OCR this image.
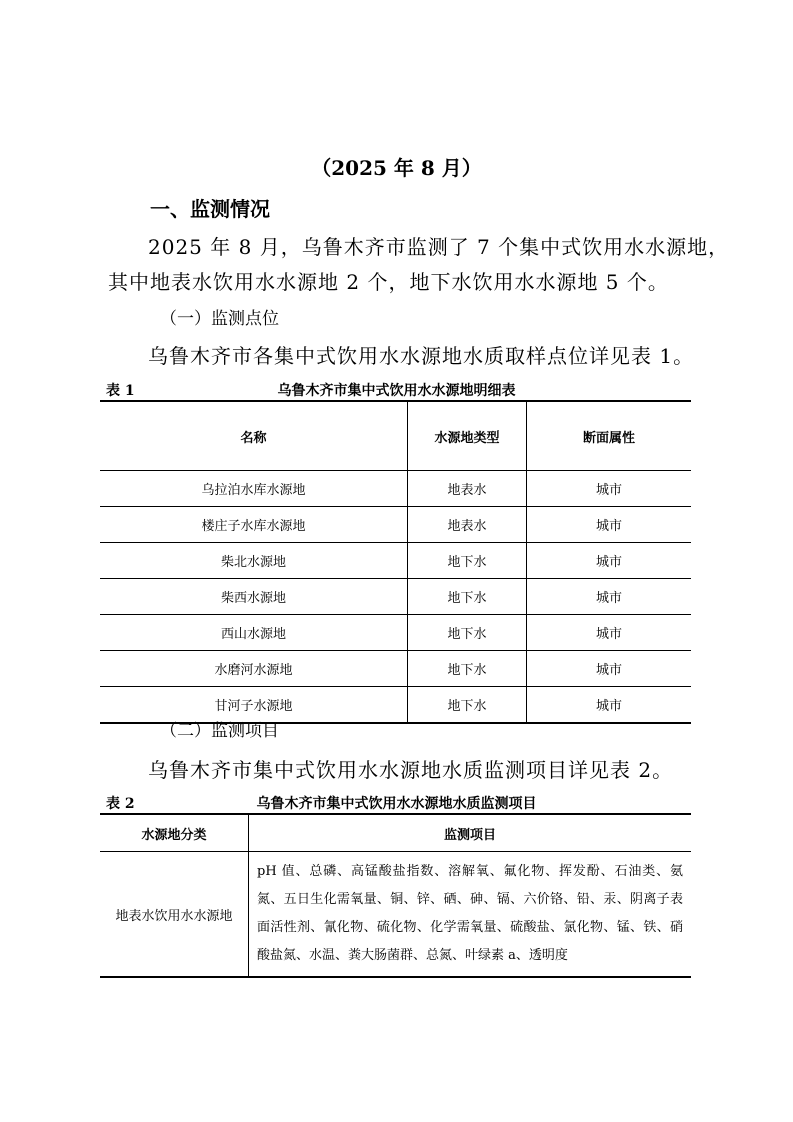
（2025 年 8 月）
一、监测情况
2025 年 8 月，乌鲁木齐市监测了 7 个集中式饮用水水源地，
其中地表水饮用水水源地 2 个，地下水饮用水水源地 5 个。
（一）监测点位
乌鲁木齐市各集中式饮用水水源地水质取样点位详见表 1。
表 1	乌鲁木齐市集中式饮用水水源地明细表
名称	水源地类型	断面属性
乌拉泊水库水源地	地表水	城市
楼庄子水库水源地	地表水	城市
柴北水源地	地下水	城市
柴西水源地	地下水	城市
西山水源地	地下水	城市
水磨河水源地	地下水	城市
甘河子水源地	地下水	城市
（二）监测项目
乌鲁木齐市集中式饮用水水源地水质监测项目详见表 2。
表 2	乌鲁木齐市集中式饮用水水源地水质监测项目
水源地分类	监测项目
地表水饮用水水源地	pH 值、总磷、高锰酸盐指数、溶解氧、氟化物、挥发酚、石油类、氨氮、五日生化需氧量、铜、锌、硒、砷、镉、六价铬、铅、汞、阴离子表面活性剂、氰化物、硫化物、化学需氧量、硫酸盐、氯化物、锰、铁、硝酸盐氮、水温、粪大肠菌群、总氮、叶绿素 a、透明度
